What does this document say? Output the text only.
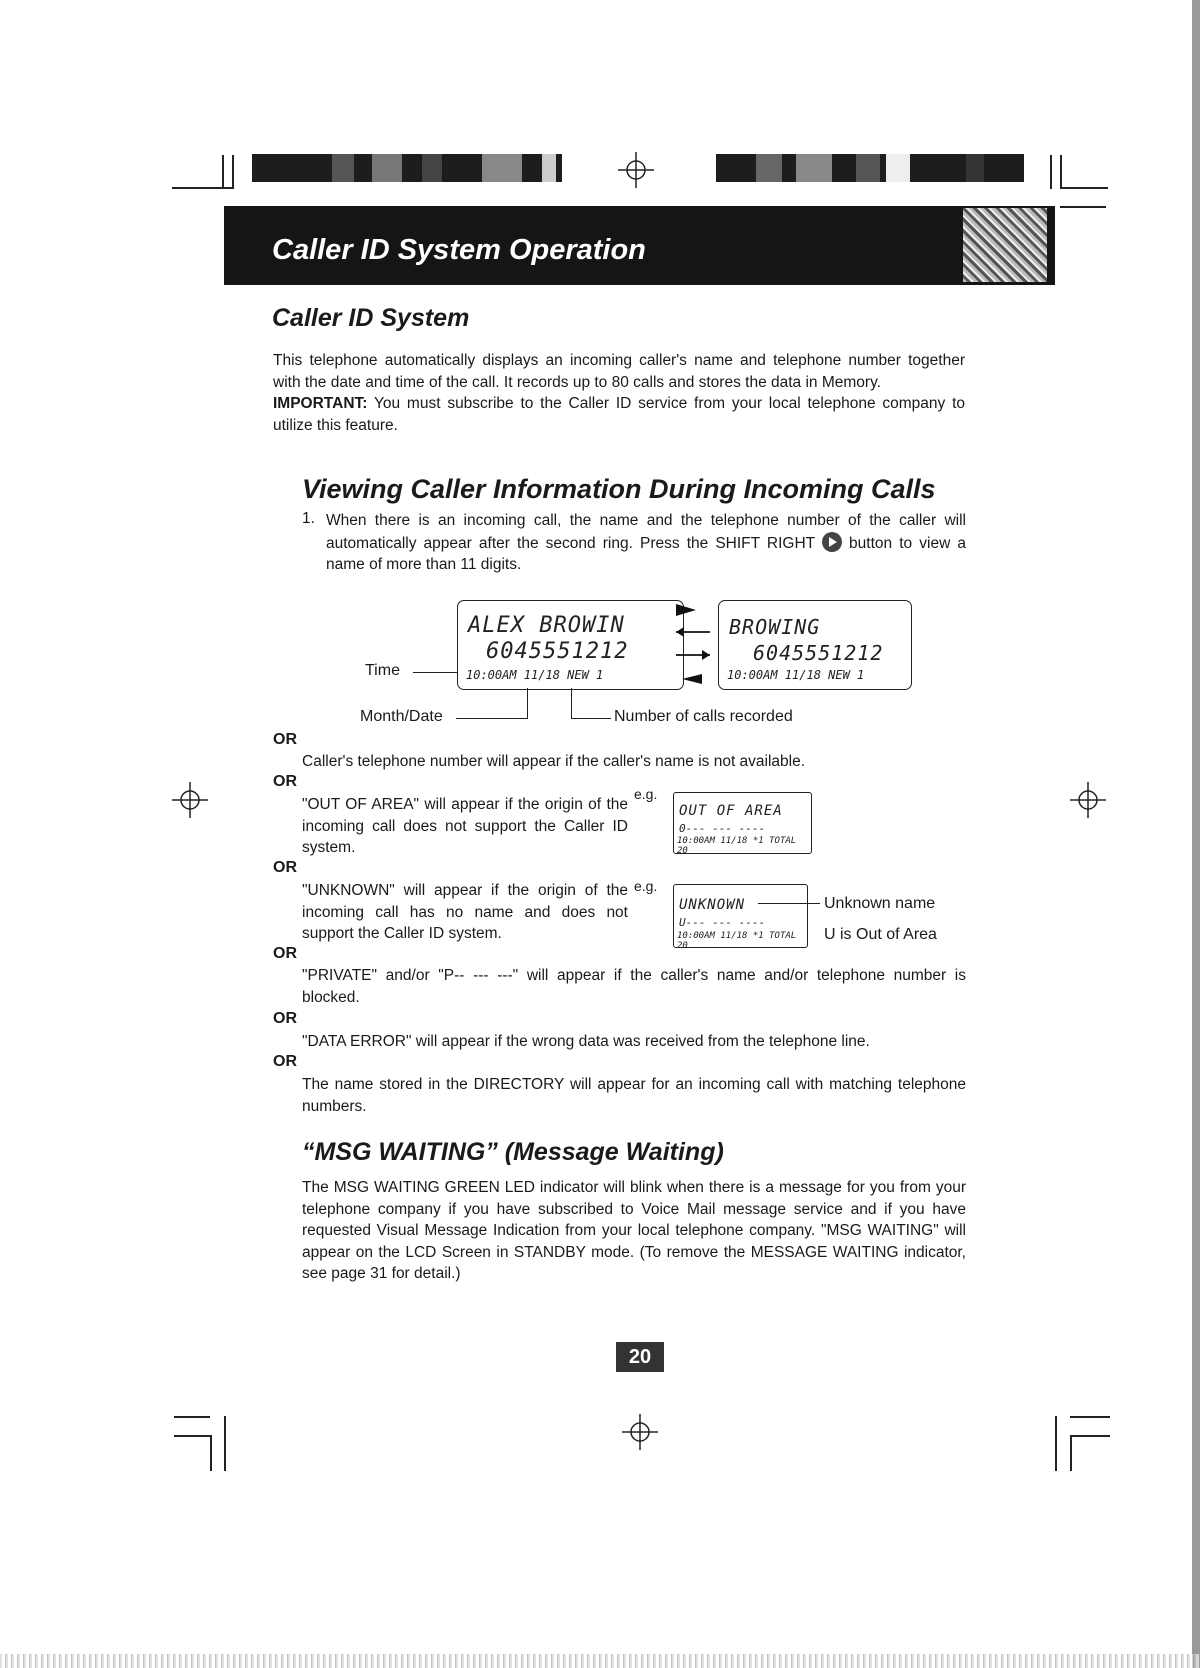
Caller ID System Operation
Caller ID System

This telephone automatically displays an incoming caller's name and telephone number together with the date and time of the call. It records up to 80 calls and stores the data in Memory.
IMPORTANT: You must subscribe to the Caller ID service from your local telephone company to utilize this feature.

Viewing Caller Information During Incoming Calls
1. When there is an incoming call, the name and the telephone number of the caller will automatically appear after the second ring. Press the SHIFT RIGHT button to view a name of more than 11 digits.

ALEX BROWIN
6045551212
10:00AM 11/18 NEW 1
BROWING
6045551212
10:00AM 11/18 NEW 1
Time
Month/Date	Number of calls recorded
OR

Caller's telephone number will appear if the caller's name is not available.

OR

"OUT OF AREA" will appear if the origin of the incoming call does not support the Caller ID system.

e.g.
OUT OF AREA
0--- --- ----
10:00AM 11/18 *1 TOTAL 20
OR

"UNKNOWN" will appear if the origin of the incoming call has no name and does not support the Caller ID system.

e.g.
UNKNOWN
U--- --- ----
10:00AM 11/18 *1 TOTAL 20
Unknown name
U is Out of Area
OR

"PRIVATE" and/or "P-- --- ---" will appear if the caller's name and/or telephone number is blocked.

OR

"DATA ERROR" will appear if the wrong data was received from the telephone line.

OR

The name stored in the DIRECTORY will appear for an incoming call with matching telephone numbers.

“MSG WAITING” (Message Waiting)

The MSG WAITING GREEN LED indicator will blink when there is a message for you from your telephone company if you have subscribed to Voice Mail message service and if you have requested Visual Message Indication from your local telephone company. "MSG WAITING" will appear on the LCD Screen in STANDBY mode. (To remove the MESSAGE WAITING indicator, see page 31 for detail.)

20
